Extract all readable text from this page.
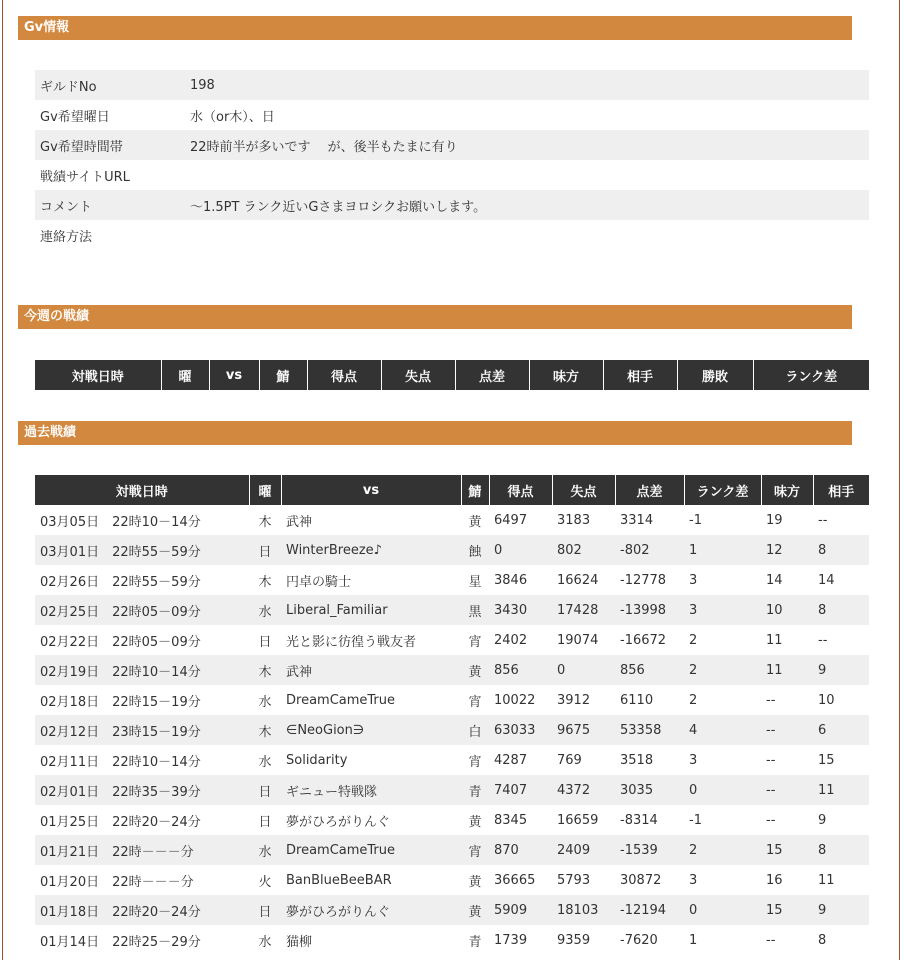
Gv情報
ギルドNo	198
Gv希望曜日	水（or木）、日
Gv希望時間帯	22時前半が多いです　 が、後半もたまに有り
戦績サイトURL	
コメント	～1.5PT ランク近いGさまヨロシクお願いします。
連絡方法	
今週の戦績
対戦日時	曜	vs	鯖	得点	失点	点差	味方	相手	勝敗	ランク差
過去戦績
対戦日時	曜	vs	鯖	得点	失点	点差	ランク差	味方	相手
03月05日　22時10－14分	木	武神	黄	6497	3183	3314	-1	19	--
03月01日　22時55－59分	日	WinterBreeze♪	蝕	0	802	-802	1	12	8
02月26日　22時55－59分	木	円卓の騎士	星	3846	16624	-12778	3	14	14
02月25日　22時05－09分	水	Liberal_Familiar	黒	3430	17428	-13998	3	10	8
02月22日　22時05－09分	日	光と影に彷徨う戦友者	宵	2402	19074	-16672	2	11	--
02月19日　22時10－14分	木	武神	黄	856	0	856	2	11	9
02月18日　22時15－19分	水	DreamCameTrue	宵	10022	3912	6110	2	--	10
02月12日　23時15－19分	木	∈NeoGion∋	白	63033	9675	53358	4	--	6
02月11日　22時10－14分	水	Solidarity	宵	4287	769	3518	3	--	15
02月01日　22時35－39分	日	ギニュー特戦隊	青	7407	4372	3035	0	--	11
01月25日　22時20－24分	日	夢がひろがりんぐ	黄	8345	16659	-8314	-1	--	9
01月21日　22時－－－分	水	DreamCameTrue	宵	870	2409	-1539	2	15	8
01月20日　22時－－－分	火	BanBlueBeeBAR	黄	36665	5793	30872	3	16	11
01月18日　22時20－24分	日	夢がひろがりんぐ	黄	5909	18103	-12194	0	15	9
01月14日　22時25－29分	水	猫柳	青	1739	9359	-7620	1	--	8
